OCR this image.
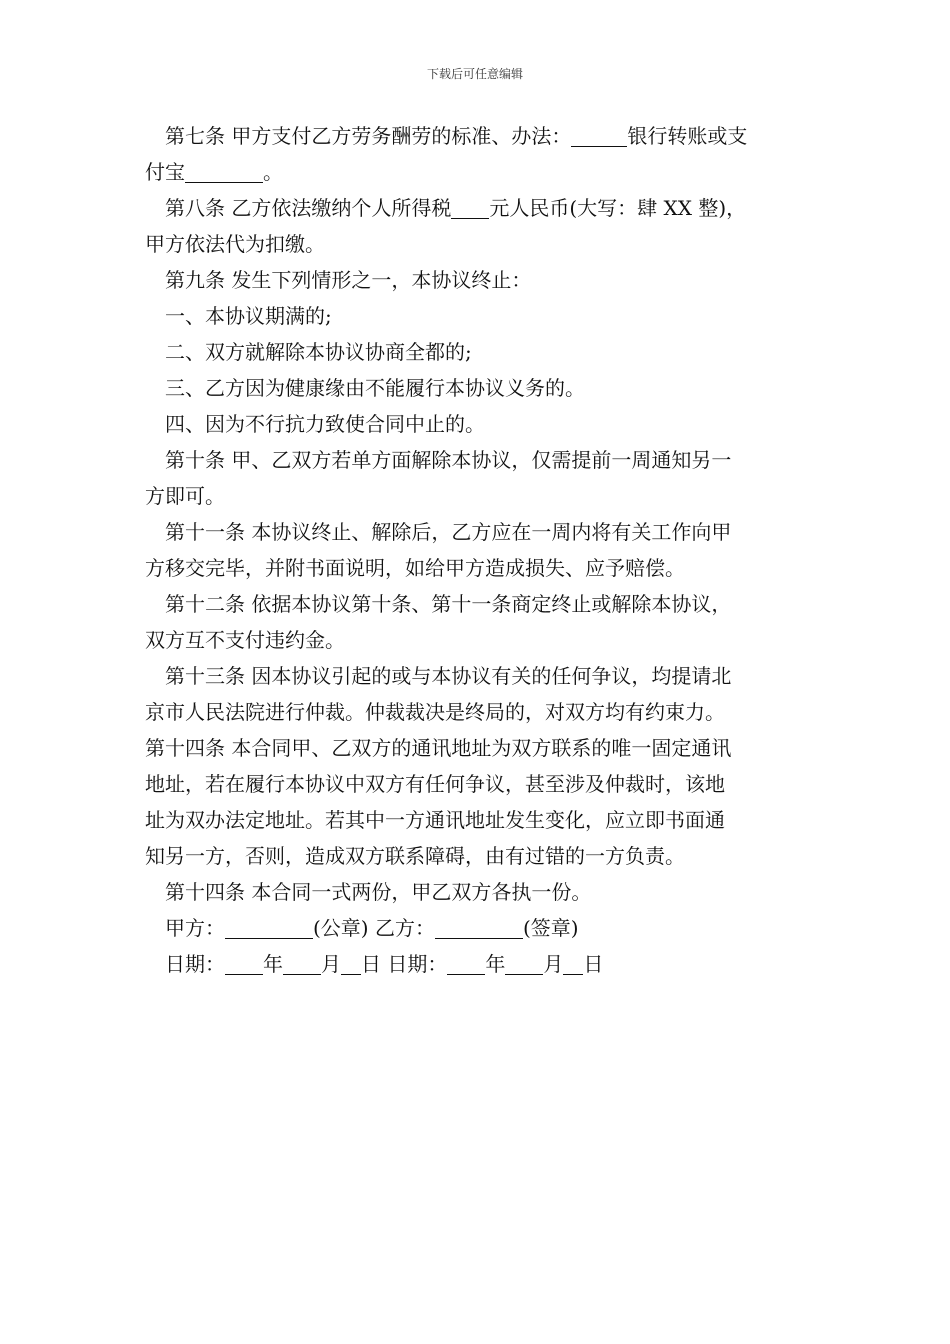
下载后可任意编辑

第七条 甲方支付乙方劳务酬劳的标准、办法：	银行转账或支

付宝	。

第八条 乙方依法缴纳个人所得税 元人民币(大写：肆 XX 整)，

甲方依法代为扣缴。

第九条 发生下列情形之一，本协议终止：

一、本协议期满的;

二、双方就解除本协议协商全都的;

三、乙方因为健康缘由不能履行本协议义务的。

四、因为不行抗力致使合同中止的。

第十条 甲、乙双方若单方面解除本协议，仅需提前一周通知另一

方即可。

第十一条 本协议终止、解除后，乙方应在一周内将有关工作向甲

方移交完毕，并附书面说明，如给甲方造成损失、应予赔偿。

第十二条 依据本协议第十条、第十一条商定终止或解除本协议，

双方互不支付违约金。

第十三条 因本协议引起的或与本协议有关的任何争议，均提请北

京市人民法院进行仲裁。仲裁裁决是终局的，对双方均有约束力。

第十四条 本合同甲、乙双方的通讯地址为双方联系的唯一固定通讯

地址，若在履行本协议中双方有任何争议，甚至涉及仲裁时，该地

址为双办法定地址。若其中一方通讯地址发生变化，应立即书面通

知另一方，否则，造成双方联系障碍，由有过错的一方负责。

第十四条 本合同一式两份，甲乙双方各执一份。

甲方：	(公章) 乙方：	(签章)

日期： 年 月 日 日期： 年 月 日
